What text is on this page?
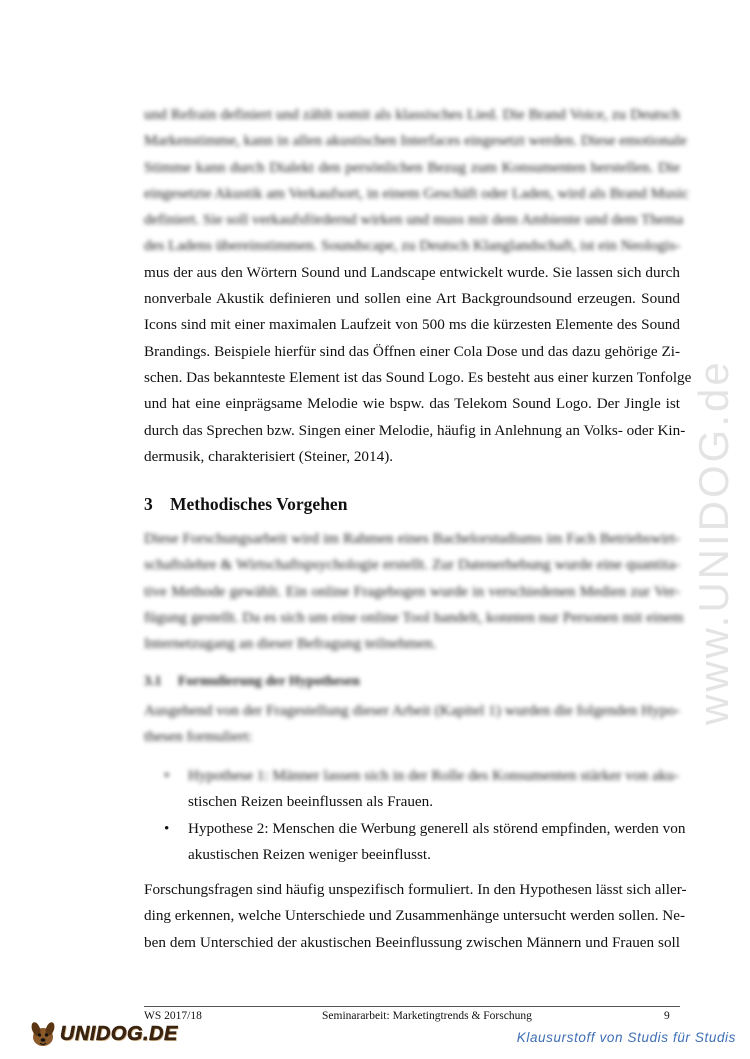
www.UNIDOG.de

und Refrain definiert und zählt somit als klassisches Lied. Die Brand Voice, zu Deutsch
Markenstimme, kann in allen akustischen Interfaces eingesetzt werden. Diese emotionale
Stimme kann durch Dialekt den persönlichen Bezug zum Konsumenten herstellen. Die
eingesetzte Akustik am Verkaufsort, in einem Geschäft oder Laden, wird als Brand Music
definiert. Sie soll verkaufsfördernd wirken und muss mit dem Ambiente und dem Thema
des Ladens übereinstimmen. Soundscape, zu Deutsch Klanglandschaft, ist ein Neologis-

mus der aus den Wörtern Sound und Landscape entwickelt wurde. Sie lassen sich durch
nonverbale Akustik definieren und sollen eine Art Backgroundsound erzeugen. Sound
Icons sind mit einer maximalen Laufzeit von 500 ms die kürzesten Elemente des Sound
Brandings. Beispiele hierfür sind das Öffnen einer Cola Dose und das dazu gehörige Zi-
schen. Das bekannteste Element ist das Sound Logo. Es besteht aus einer kurzen Tonfolge
und hat eine einprägsame Melodie wie bspw. das Telekom Sound Logo. Der Jingle ist
durch das Sprechen bzw. Singen einer Melodie, häufig in Anlehnung an Volks- oder Kin-
dermusik, charakterisiert (Steiner, 2014).

3 Methodisches Vorgehen

Diese Forschungsarbeit wird im Rahmen eines Bachelorstudiums im Fach Betriebswirt-
schaftslehre & Wirtschaftspsychologie erstellt. Zur Datenerhebung wurde eine quantita-
tive Methode gewählt. Ein online Fragebogen wurde in verschiedenen Medien zur Ver-
fügung gestellt. Da es sich um eine online Tool handelt, konnten nur Personen mit einem
Internetzugang an dieser Befragung teilnehmen.

3.1 Formulierung der Hypothesen

Ausgehend von der Fragestellung dieser Arbeit (Kapitel 1) wurden die folgenden Hypo-
thesen formuliert:

• Hypothese 1: Männer lassen sich in der Rolle des Konsumenten stärker von aku-
stischen Reizen beeinflussen als Frauen.
• Hypothese 2: Menschen die Werbung generell als störend empfinden, werden von
akustischen Reizen weniger beeinflusst.

Forschungsfragen sind häufig unspezifisch formuliert. In den Hypothesen lässt sich aller-
ding erkennen, welche Unterschiede und Zusammenhänge untersucht werden sollen. Ne-
ben dem Unterschied der akustischen Beeinflussung zwischen Männern und Frauen soll

WS 2017/18	Seminararbeit: Marketingtrends & Forschung	9
UNIDOG.DE	Klausurstoff von Studis für Studis
